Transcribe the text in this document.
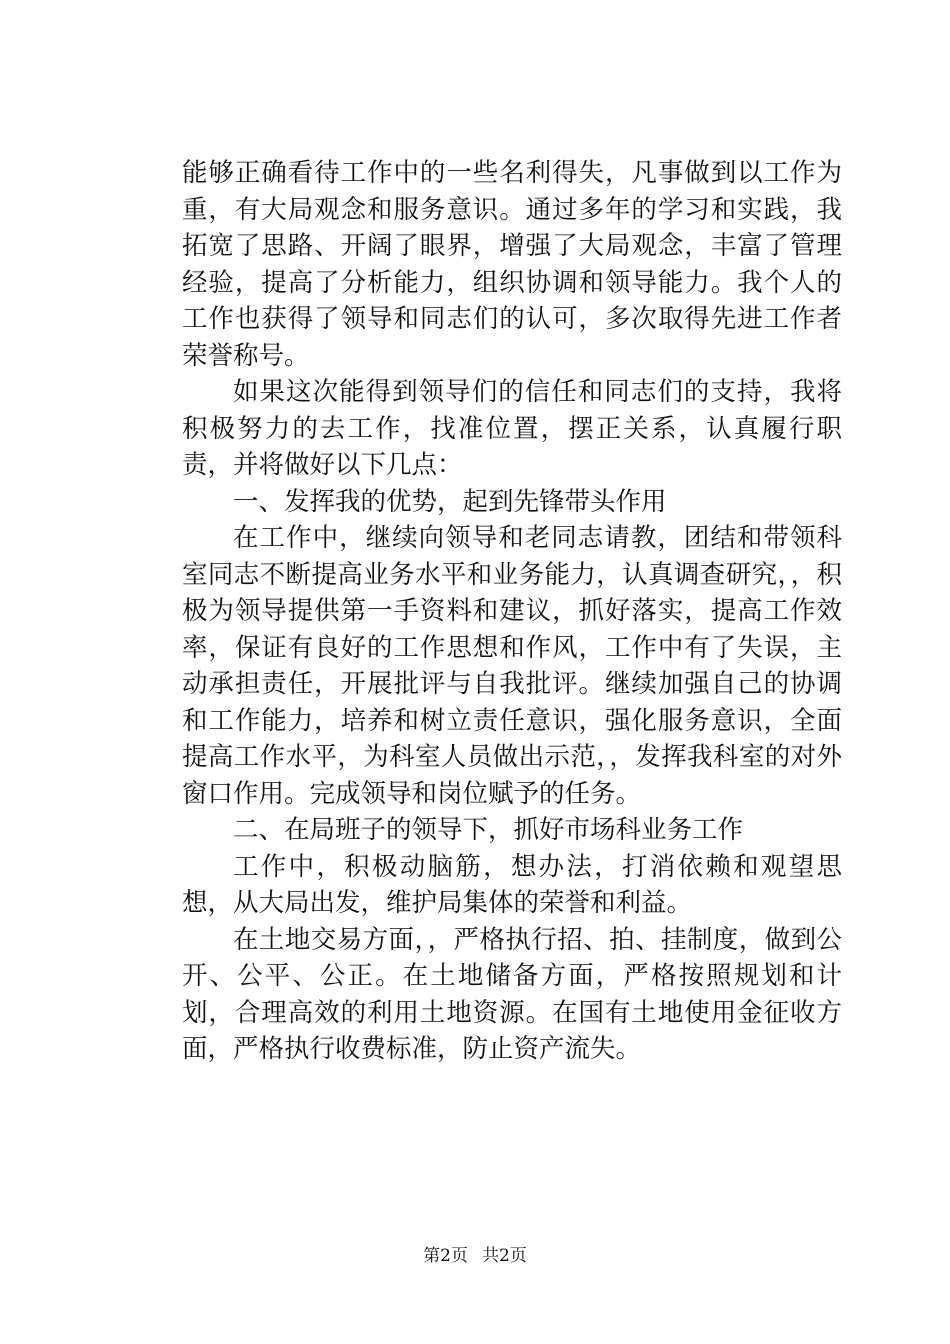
能够正确看待工作中的一些名利得失，凡事做到以工作为重，有大局观念和服务意识。通过多年的学习和实践，我拓宽了思路、开阔了眼界，增强了大局观念，丰富了管理经验，提高了分析能力，组织协调和领导能力。我个人的工作也获得了领导和同志们的认可，多次取得先进工作者荣誉称号。

如果这次能得到领导们的信任和同志们的支持，我将积极努力的去工作，找准位置，摆正关系，认真履行职责，并将做好以下几点：

一、发挥我的优势，起到先锋带头作用

在工作中，继续向领导和老同志请教，团结和带领科室同志不断提高业务水平和业务能力，认真调查研究，，积极为领导提供第一手资料和建议，抓好落实，提高工作效率，保证有良好的工作思想和作风，工作中有了失误，主动承担责任，开展批评与自我批评。继续加强自己的协调和工作能力，培养和树立责任意识，强化服务意识，全面提高工作水平，为科室人员做出示范，，发挥我科室的对外窗口作用。完成领导和岗位赋予的任务。

二、在局班子的领导下，抓好市场科业务工作

工作中，积极动脑筋，想办法，打消依赖和观望思想，从大局出发，维护局集体的荣誉和利益。

在土地交易方面，，严格执行招、拍、挂制度，做到公开、公平、公正。在土地储备方面，严格按照规划和计划，合理高效的利用土地资源。在国有土地使用金征收方面，严格执行收费标准，防止资产流失。

第2页 共2页
